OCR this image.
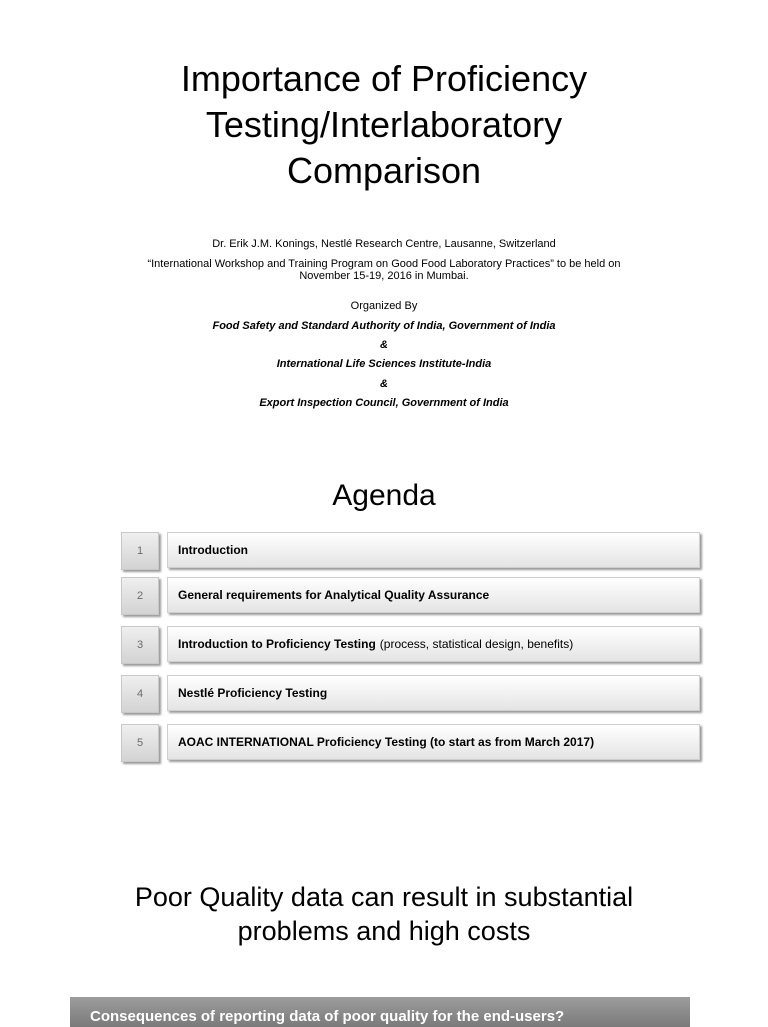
Importance of Proficiency
Testing/Interlaboratory
Comparison
Dr. Erik J.M. Konings, Nestlé Research Centre, Lausanne, Switzerland
“International Workshop and Training Program on Good Food Laboratory Practices” to be held on
November 15-19, 2016 in Mumbai.
Organized By
Food Safety and Standard Authority of India, Government of India
&
International Life Sciences Institute-India
&
Export Inspection Council, Government of India
Agenda
1	Introduction
2	General requirements for Analytical Quality Assurance
3	Introduction to Proficiency Testing (process, statistical design, benefits)
4	Nestlé Proficiency Testing
5	AOAC INTERNATIONAL Proficiency Testing (to start as from March 2017)
Poor Quality data can result in substantial
problems and high costs
Consequences of reporting data of poor quality for the end-users?
